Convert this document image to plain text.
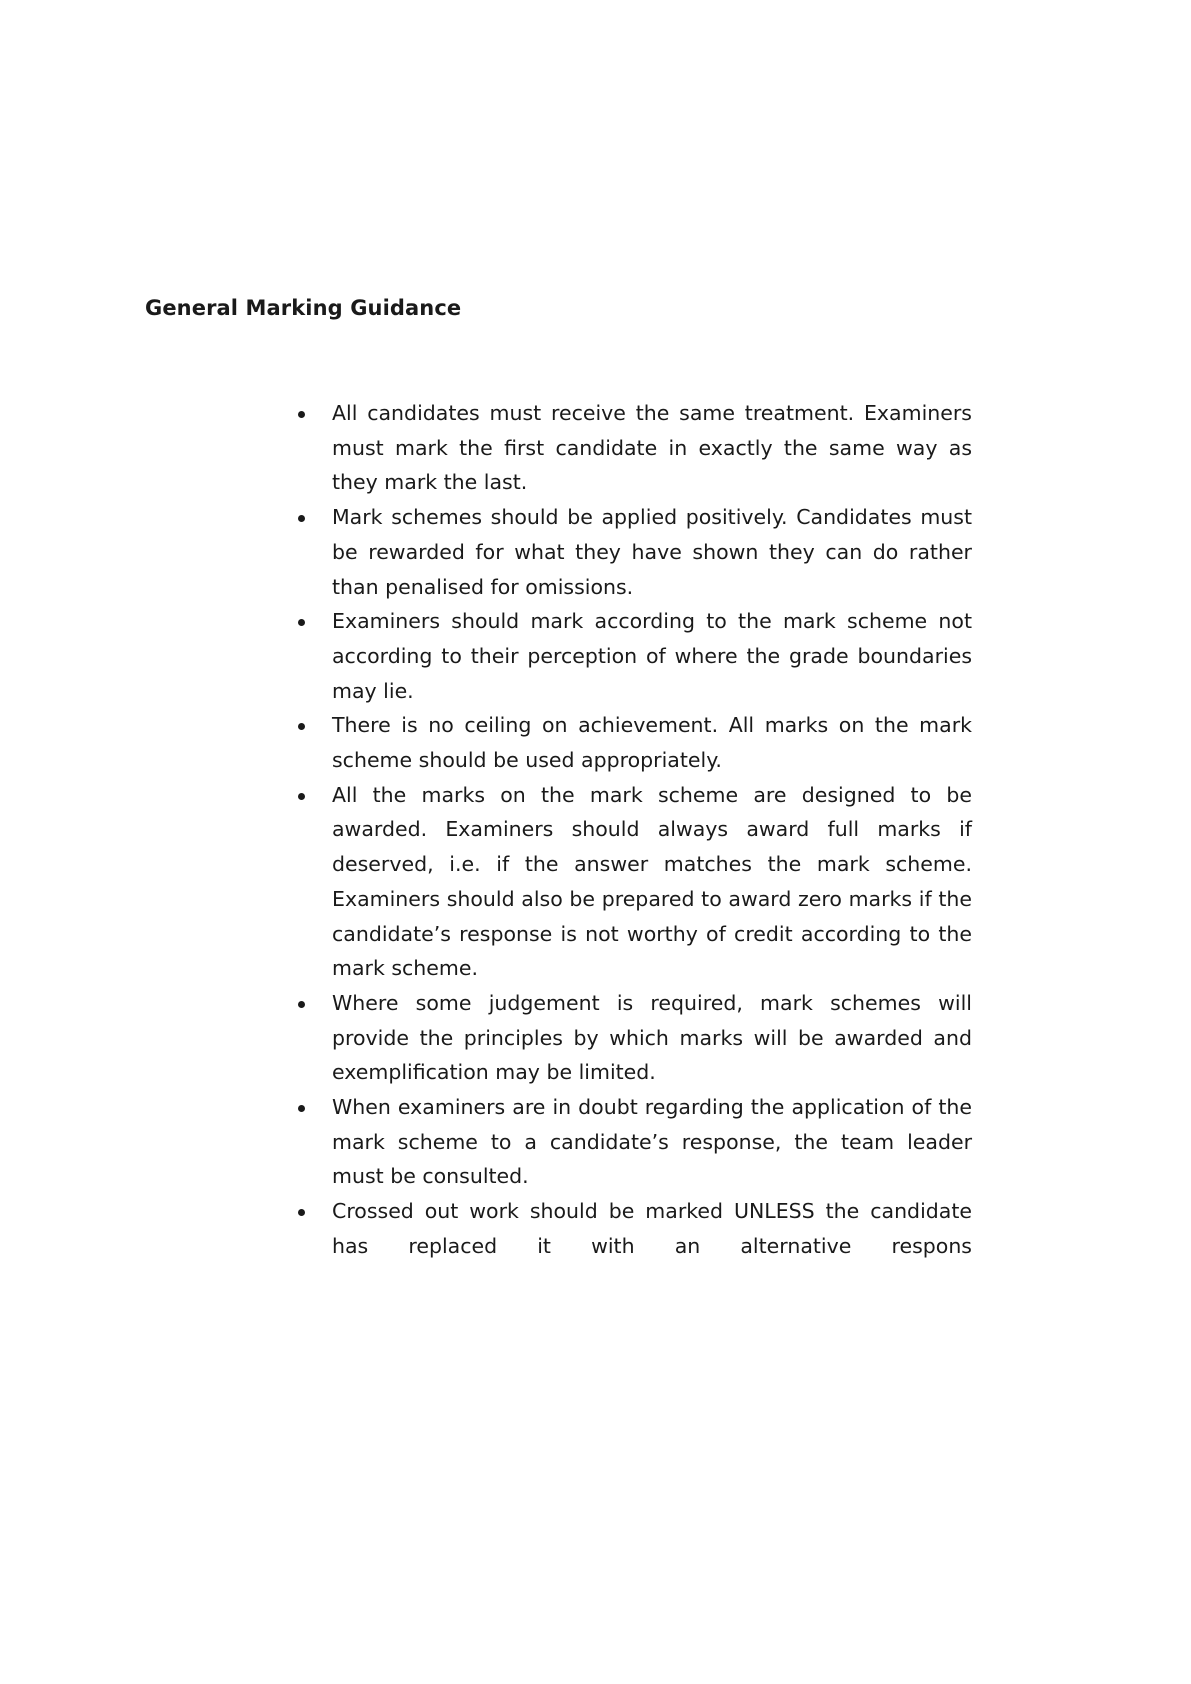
General Marking Guidance
All candidates must receive the same treatment. Examiners must mark the first candidate in exactly the same way as they mark the last.
Mark schemes should be applied positively. Candidates must be rewarded for what they have shown they can do rather than penalised for omissions.
Examiners should mark according to the mark scheme not according to their perception of where the grade boundaries may lie.
There is no ceiling on achievement. All marks on the mark scheme should be used appropriately.
All the marks on the mark scheme are designed to be awarded. Examiners should always award full marks if deserved, i.e. if the answer matches the mark scheme. Examiners should also be prepared to award zero marks if the candidate’s response is not worthy of credit according to the mark scheme.
Where some judgement is required, mark schemes will provide the principles by which marks will be awarded and exemplification may be limited.
When examiners are in doubt regarding the application of the mark scheme to a candidate’s response, the team leader must be consulted.
Crossed out work should be marked UNLESS the candidate has replaced it with an alternative respons
